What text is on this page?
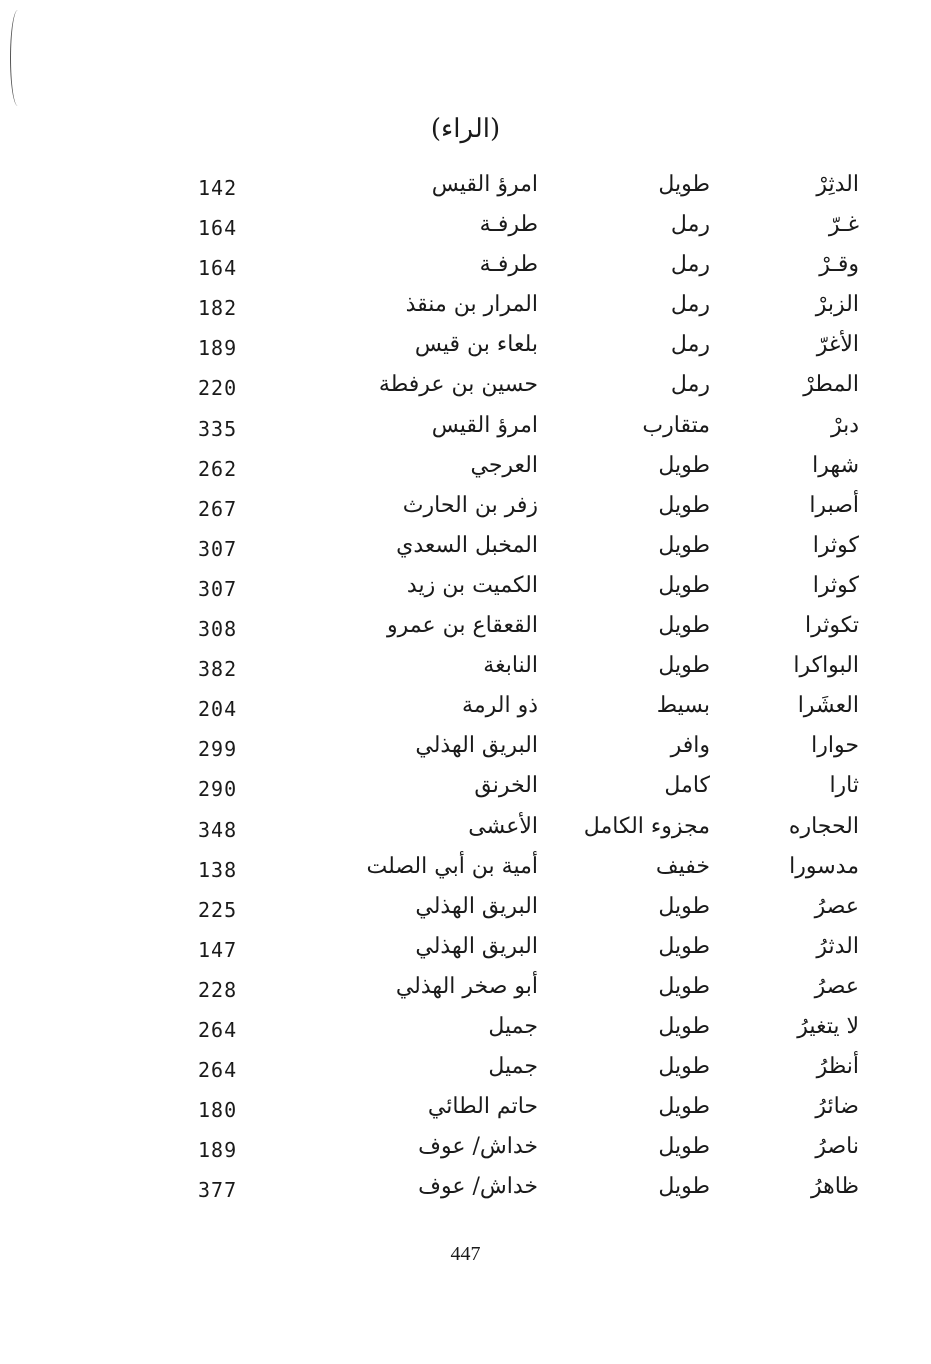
(الراء)
الدثِرْ
طويل
امرؤ القيس
142
غـرّ
رمل
طرفـة
164
وقـرْ
رمل
طرفـة
164
الزبرْ
رمل
المرار بن منقذ
182
الأغرّ
رمل
بلعاء بن قيس
189
المطرْ
رمل
حسين بن عرفطة
220
دبرْ
متقارب
امرؤ القيس
335
شهرا
طويل
العرجي
262
أصبرا
طويل
زفر بن الحارث
267
كوثرا
طويل
المخبل السعدي
307
كوثرا
طويل
الكميت بن زيد
307
تكوثرا
طويل
القعقاع بن عمرو
308
البواكرا
طويل
النابغة
382
العشَرا
بسيط
ذو الرمة
204
حوارا
وافر
البريق الهذلي
299
ثارا
كامل
الخرنق
290
الحجاره
مجزوء الكامل
الأعشى
348
مدسورا
خفيف
أمية بن أبي الصلت
138
عصرُ
طويل
البريق الهذلي
225
الدثرُ
طويل
البريق الهذلي
147
عصرُ
طويل
أبو صخر الهذلي
228
لا يتغيرُ
طويل
جميل
264
أنظرُ
طويل
جميل
264
ضائرُ
طويل
حاتم الطائي
180
ناصرُ
طويل
خداش/ عوف
189
ظاهرُ
طويل
خداش/ عوف
377
447
